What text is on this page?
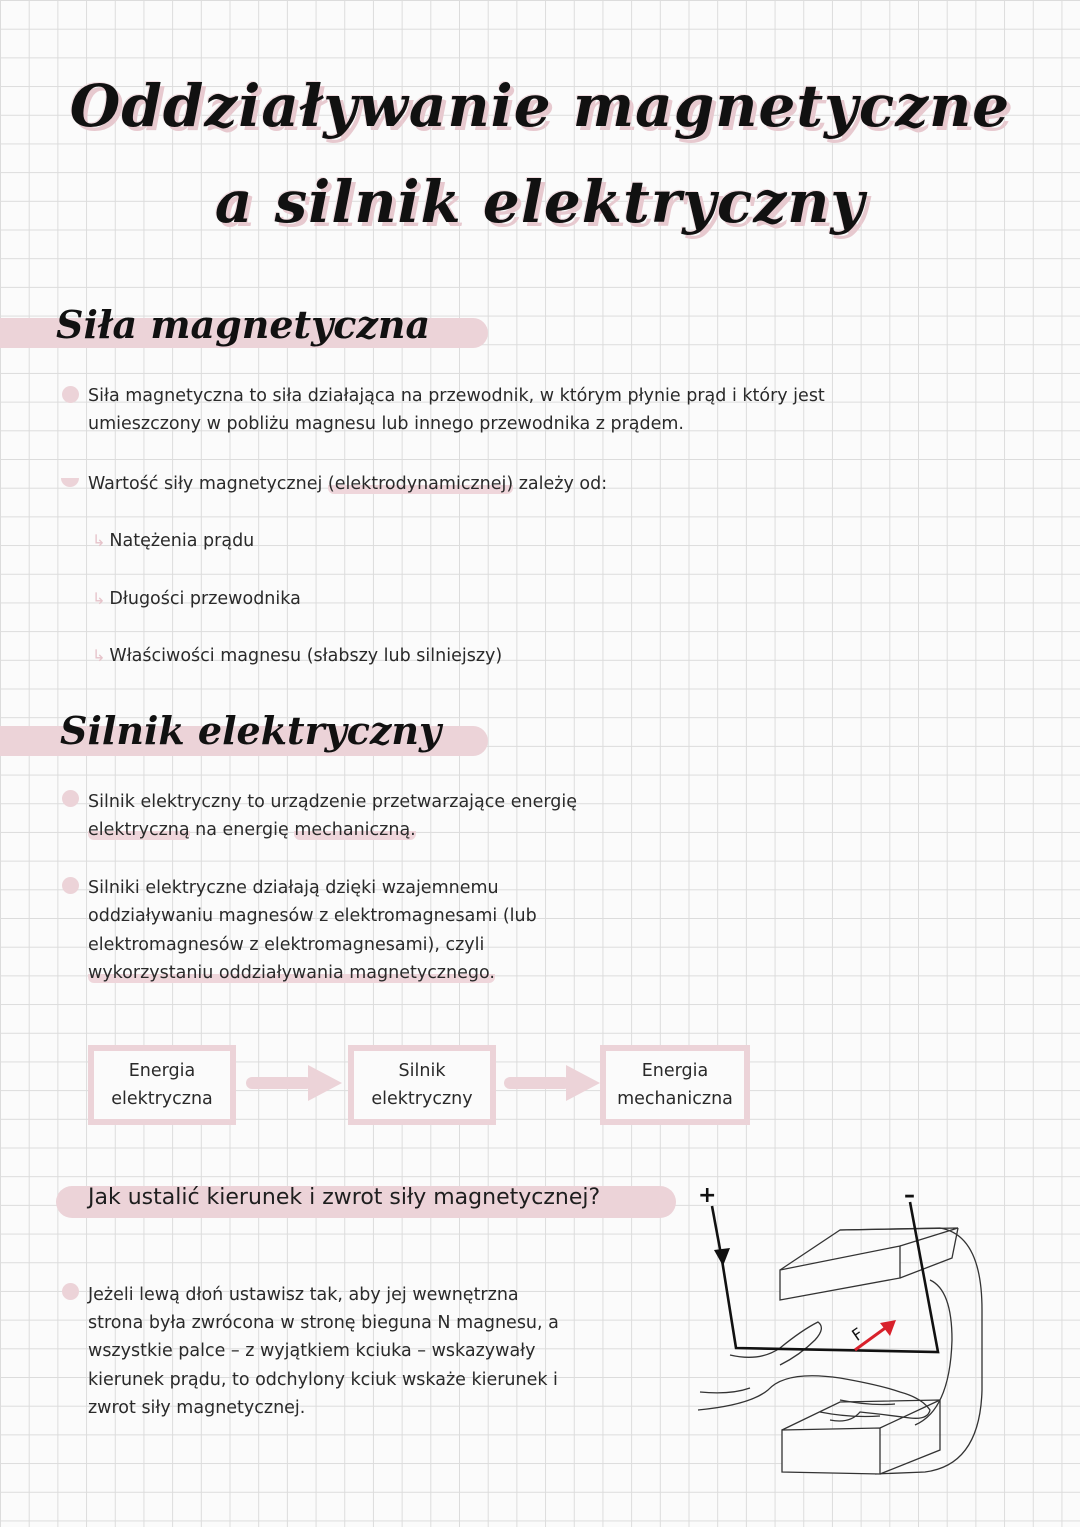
Oddziaływanie magnetyczne
a silnik elektryczny
Siła magnetyczna
Siła magnetyczna to siła działająca na przewodnik, w którym płynie prąd i który jest
umieszczony w pobliżu magnesu lub innego przewodnika z prądem.
Wartość siły magnetycznej (elektrodynamicznej) zależy od:
↳ Natężenia prądu
↳ Długości przewodnika
↳ Właściwości magnesu (słabszy lub silniejszy)
Silnik elektryczny
Silnik elektryczny to urządzenie przetwarzające energię
elektryczną na energię mechaniczną.
Silniki elektryczne działają dzięki wzajemnemu
oddziaływaniu magnesów z elektromagnesami (lub
elektromagnesów z elektromagnesami), czyli
wykorzystaniu oddziaływania magnetycznego.
Energia
elektryczna
Silnik
elektryczny
Energia
mechaniczna
Jak ustalić kierunek i zwrot siły magnetycznej?
Jeżeli lewą dłoń ustawisz tak, aby jej wewnętrzna
strona była zwrócona w stronę bieguna N magnesu, a
wszystkie palce – z wyjątkiem kciuka – wskazywały
kierunek prądu, to odchylony kciuk wskaże kierunek i
zwrot siły magnetycznej.
F
+	–
